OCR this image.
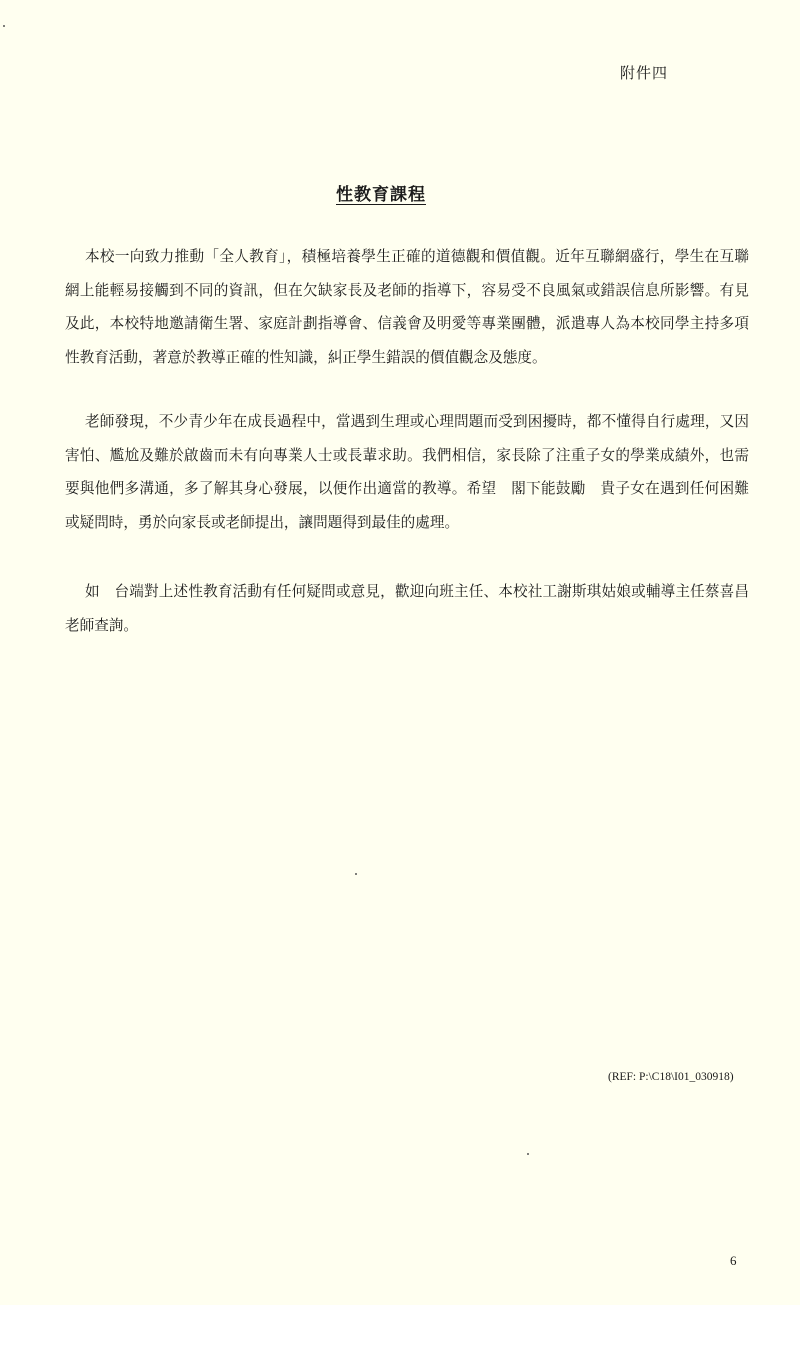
附件四
性教育課程

本校一向致力推動「全人教育」，積極培養學生正確的道德觀和價值觀。近年互聯網盛行，學生在互聯網上能輕易接觸到不同的資訊，但在欠缺家長及老師的指導下，容易受不良風氣或錯誤信息所影響。有見及此，本校特地邀請衛生署、家庭計劃指導會、信義會及明愛等專業團體，派遣專人為本校同學主持多項性教育活動，著意於教導正確的性知識，糾正學生錯誤的價值觀念及態度。

老師發現，不少青少年在成長過程中，當遇到生理或心理問題而受到困擾時，都不懂得自行處理，又因害怕、尷尬及難於啟齒而未有向專業人士或長輩求助。我們相信，家長除了注重子女的學業成績外，也需要與他們多溝通，多了解其身心發展，以便作出適當的教導。希望　閣下能鼓勵　貴子女在遇到任何困難或疑問時，勇於向家長或老師提出，讓問題得到最佳的處理。

如　台端對上述性教育活動有任何疑問或意見，歡迎向班主任、本校社工謝斯琪姑娘或輔導主任蔡喜昌老師查詢。

(REF: P:\C18\I01_030918)
6
